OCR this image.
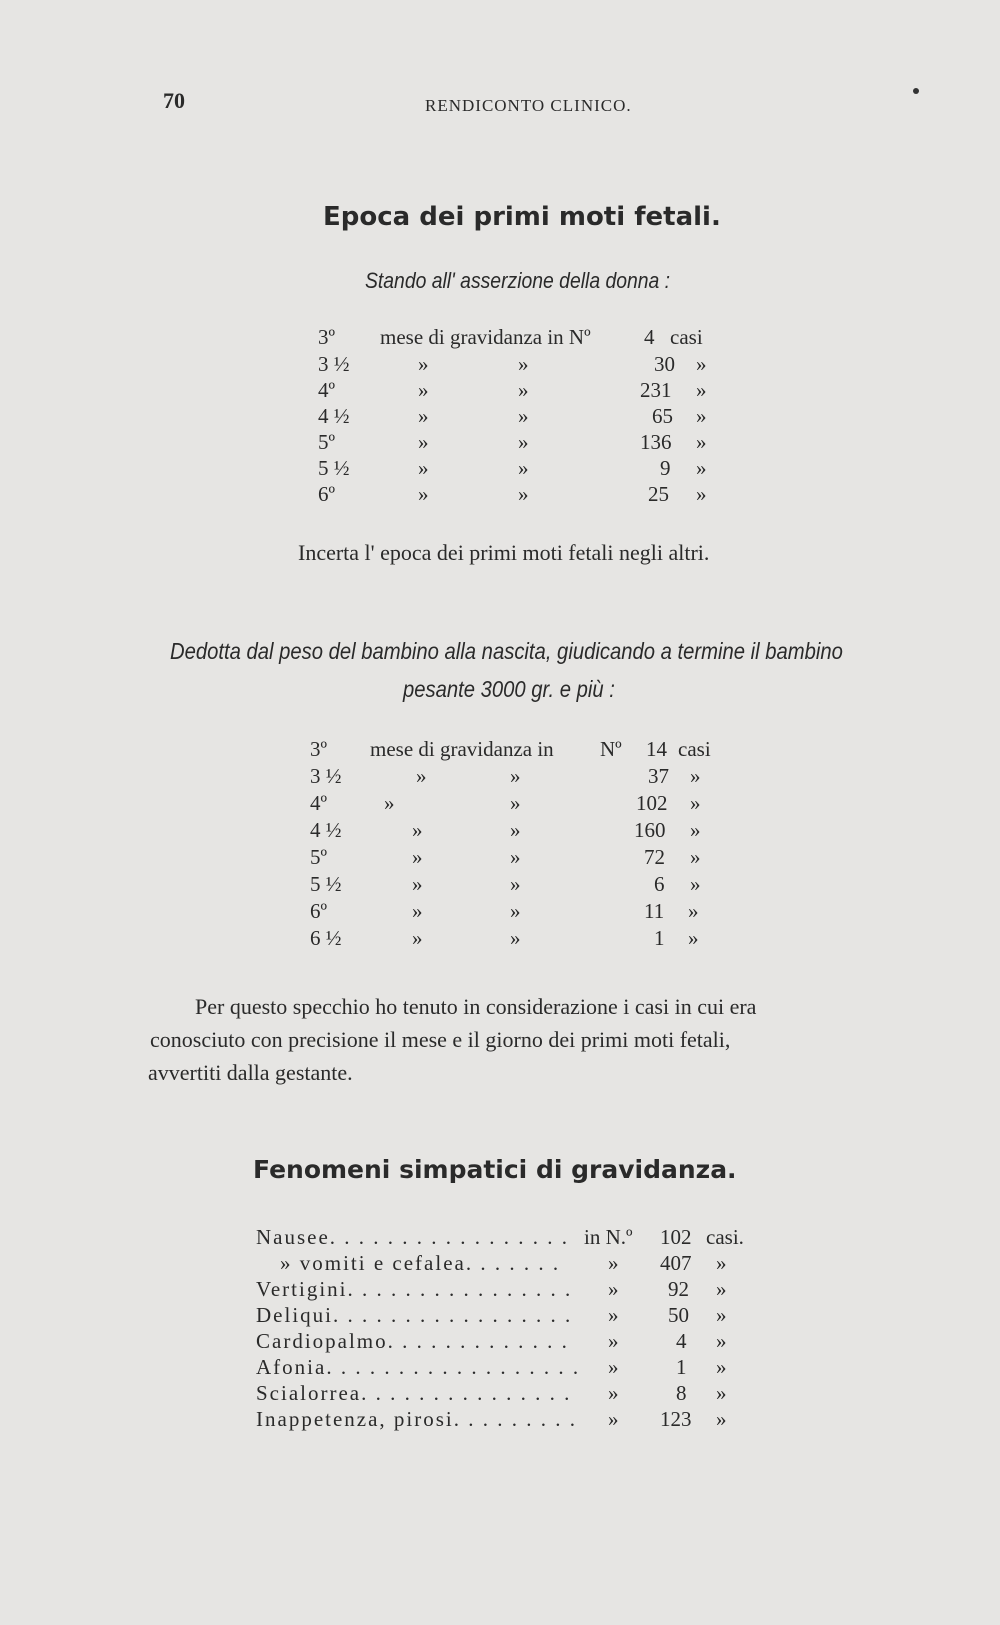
70	RENDICONTO CLINICO.
Epoca dei primi moti fetali.
Stando all' asserzione della donna :
3º mese di gravidanza in Nº	4 casi
3 ½	»	»	30 »
4º	»	»	231 »
4 ½	»	»	65 »
5º	»	»	136 »
5 ½	»	»	9 »
6º	»	»	25 »
Incerta l' epoca dei primi moti fetali negli altri.
Dedotta dal peso del bambino alla nascita, giudicando a termine il bambino
pesante 3000 gr. e più :
3º mese di gravidanza in Nº 14 casi
3 ½	»	»	37 »
4º	»	»	102 »
4 ½	»	»	160 »
5º	»	»	72 »
5 ½	»	»	6 »
6º	»	»	11 »
6 ½	»	»	1 »
Per questo specchio ho tenuto in considerazione i casi in cui era
conosciuto con precisione il mese e il giorno dei primi moti fetali,
avvertiti dalla gestante.
Fenomeni simpatici di gravidanza.
Nausee. . . . . . . . . . . . . . . . . in N.º 102 casi.
» vomiti e cefalea. . . . . . . » 407 »
Vertigini. . . . . . . . . . . . . . . . » 92 »
Deliqui. . . . . . . . . . . . . . . . . » 50 »
Cardiopalmo. . . . . . . . . . . . . »	4 »
Afonia. . . . . . . . . . . . . . . . . . »	1 »
Scialorrea. . . . . . . . . . . . . . . »	8 »
Inappetenza, pirosi. . . . . . . . . » 123 »
